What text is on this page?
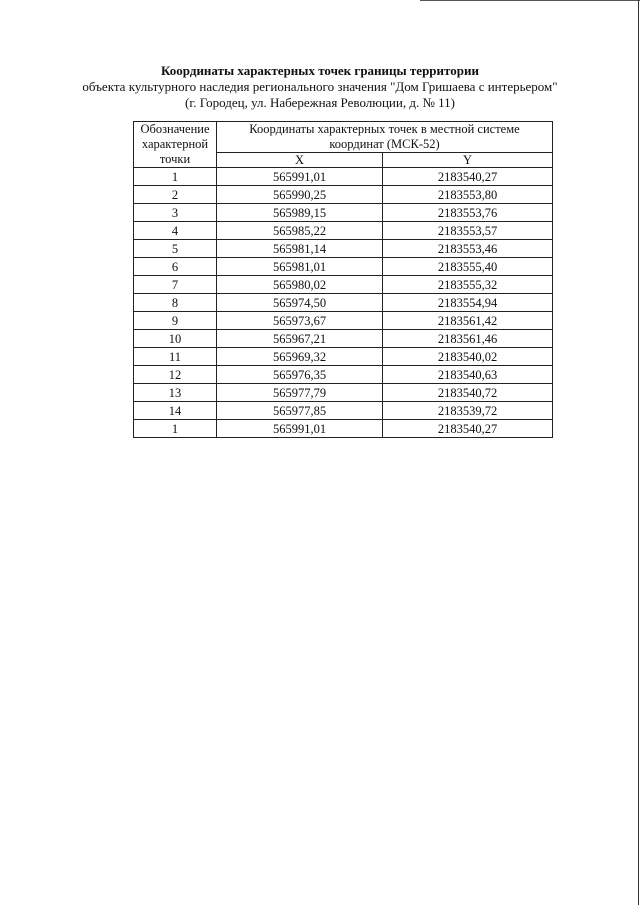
Координаты характерных точек границы территории
объекта культурного наследия регионального значения "Дом Гришаева с интерьером"
(г. Городец, ул. Набережная Революции, д. № 11)
Обозначение характерной точки	Координаты характерных точек в местной системе координат (МСК-52)	
	X	Y
1	565991,01	2183540,27
2	565990,25	2183553,80
3	565989,15	2183553,76
4	565985,22	2183553,57
5	565981,14	2183553,46
6	565981,01	2183555,40
7	565980,02	2183555,32
8	565974,50	2183554,94
9	565973,67	2183561,42
10	565967,21	2183561,46
11	565969,32	2183540,02
12	565976,35	2183540,63
13	565977,79	2183540,72
14	565977,85	2183539,72
1	565991,01	2183540,27
